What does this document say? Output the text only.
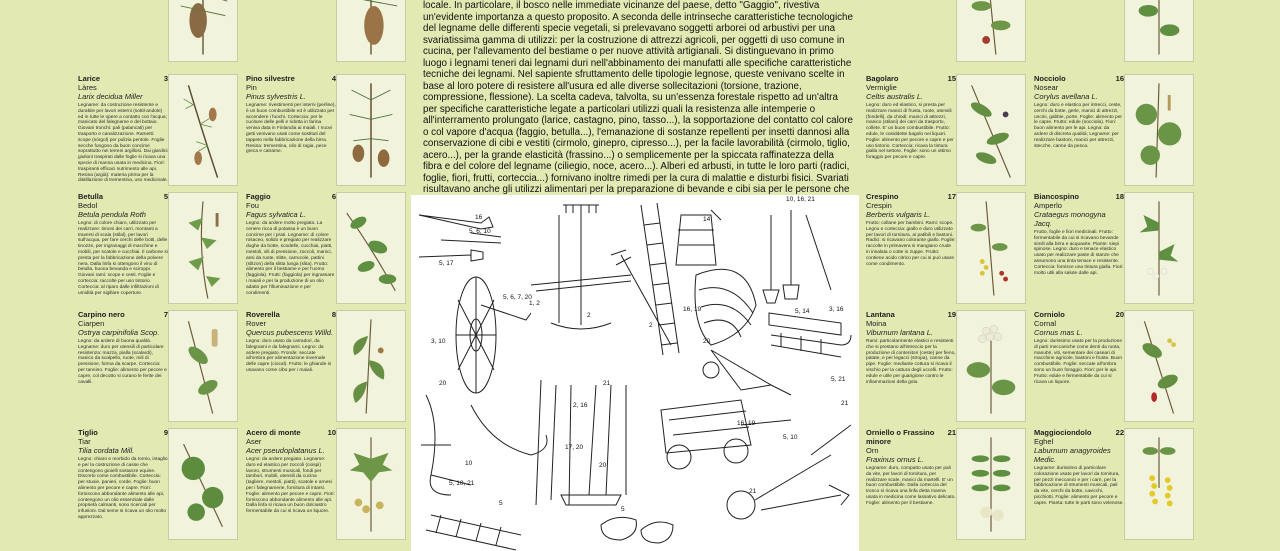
Larice	3
Làres
Larix decidua Miller
Legname: da costruzione resistente e durabile per lavori esterni (sottil-andole) ed in tutte le opere a contatto con l'acqua; manicato del falegname e del bottaio. Giovani tronchi: pali (palancati) per trasporto e canalizzazione. Rametti: scope (sòrgol) per pulizia pentole. Foglie secche fungono da buon concime soprattutto nei terreni argillosi. Dai giardini giulioni traspirati dalle foglie si ricava una specie di manna usata in medicina. Fiori: traspiranti efficaci nutrimento alle api. Resina (argià): materia prima per la distillazione di trementina, uso medicinale.
Pino silvestre	4
Pin
Pinus sylvestris L.
Legname: rivestimenti per interni (perline), è un buon combustibile ed è utilizzato per accendere i fuochi. Corteccia: per le cuciture delle pelli e ridotta in farina veniva data in Finlandia ai maiali. I nuovi getti venivano usati come sostituti del tappeto nella fabbricazione della birra. Resina: trementina, olio di ragia, pece greca e catrame.
Betulla	5
Bedol
Betula pendula Roth
Legno: di colore chiaro, utilizzato per realizzare: timoni dei carri, montanti a traversi di scala (stilal), per lavori sull'acqua, per fare cerchi delle botti, delle tinozze, per ingranaggi di macchine e mobili, per scatole e cucchiai. Il carbone si presta per la fabbricazione della polvere nera. Dalla linfa si ottengono il vino di betulla, buona bevanda e sciroppi. Giovani rami: scope e cesti. Foglie e corteccia: raccolte per uso tintorio. Corteccia: al riparo dalle infiltrazioni di umidità per sigillare coperture.
Faggio	6
Fou
Fagus sylvatica L.
Legno: da ardere molto pregiato. La cenere ricca di potassa è un buon concime per i prati. Legname: di colore rosaceo, solido e pregiato per realizzare doghe da botte, scodelle, cucchiai, piatti, mestoli, vili di pressione, zoccoli, manici, assi da ruote, slitte, carrucole, pattini (slitzon) della slitta lunga (slita). Frutto: alimento per il bestiame e per l'uomo (faggiola). Frutti: (faggiola) per ingrassare i maiali e per la produzione di un olio adatto per l'illuminazione e per condimenti.
Carpino nero	7
Ciarpen
Ostrya carpinifolia Scop.
Legno: da ardere di buona qualità. Legname: duro per utensili di particolare resistenza: mazza, pialla (scalardi), manico da scalpello, ruote, mili di pressione, forma da scarpe. Corteccia: per tannino. Foglie: alimento per pecore e capre, col decotto si curano le ferite dei cavalli.
Roverella	8
Rover
Quercus pubescens Willd.
Legno: duro usato da carradori, da falegnami e da falegnami. Legno: da ardere pregiato. Fronde: seccate all'ombra per alimentazione invernale delle capre (ciocal). Frutto: le ghiande si usavano come cibo per i maiali.
Tiglio	9
Tiar
Tilia cordata Mill.
Legno: chiaro e morbido da tornio, intaglio e per la costruzione di casse che contengono gioielli sostanze equine. Discreto come combustibile. Corteccia: per stuoie, panieri, corde. Foglie: buon alimento per pecore e capre. Fiori: forniscono abbondante alimento alle api, contengono un olio essenziale dalle proprietà calmanti, sono ricercati per infusioni. Dal seme si ricava un olio molto apprezzato.
Acero di monte	10
Aser
Acer pseudoplatanus L.
Legno: da ardere pregiato. Legname: duro ed elastico per zoccoli (ciospi) lavoro, strumenti musicali, fondi per tamburi, mobili, utensili da cucina (tagliere, mestoli, piatti), scatole e arnesi per i falegnamerie, fornitura di intarsi. Foglie: alimento per pecore e capre. Fiori: forniscono abbondante alimento alle api. Dalla linfa si ricava un buon dolciastro fermentabile da cui si ricava un liquore.
locale. In particolare, il bosco nelle immediate vicinanze del paese, detto "Gaggio", rivestiva un'evidente importanza a questo proposito. A seconda delle intrinseche caratteristiche tecnologiche del legname delle differenti specie vegetali, si prelevavano soggetti arborei od arbustivi per una svariatissima gamma di utilizzi: per la costruzione di attrezzi agricoli, per oggetti di uso comune in cucina, per l'allevamento del bestiame o per nuove attività artigianali. Si distinguevano in primo luogo i legnami teneri dai legnami duri nell'abbinamento dei manufatti alle specifiche caratteristiche tecniche dei legnami. Nel sapiente sfruttamento delle tipologie legnose, queste venivano scelte in base al loro potere di resistere all'usura ed alle diverse sollecitazioni (torsione, trazione, compressione, flessione). La scelta cadeva, talvolta, su un'essenza forestale rispetto ad un'altra per specifiche caratteristiche legate a particolari utilizzi quali la resistenza alle intemperie o all'interramento prolungato (larice, castagno, pino, tasso...), la sopportazione del contatto col calore o col vapore d'acqua (faggio, betulla...), l'emanazione di sostanze repellenti per insetti dannosi alla conservazione di cibi e vestiti (cirmolo, ginepro, cipresso...), per la facile lavorabilità (cirmolo, tiglio, acero...), per la grande elasticità (frassino...) o semplicemente per la spiccata raffinatezza della fibra e del colore del legname (ciliegio, noce, acero...). Alberi ed arbusti, in tutte le loro parti (radici, foglie, fiori, frutti, corteccia...) fornivano inoltre rimedi per la cura di malattie e disturbi fisici. Svariati risultavano anche gli utilizzi alimentari per la preparazione di bevande e cibi sia per le persone che
16
5, 6, 10
5, 17
5, 6, 7, 20
1, 2
3, 10
20
14
10, 16, 21
2
2
16, 19
20
5, 14	3, 16
5, 21
21
21
2, 16
17, 20
10	20
5, 10, 21
16, 19
5, 10
5
5
21
Bagolaro	15
Vermiglie
Celtis australis L.
Legno: duro ed elastico, si presta per realizzare manici di frusta, ruote, utensili (fondelli), da chiodi; manici di attrezzi, manico (stilani) dei carri da trasporto, collete. E' un buon combustibile. Frutto: edule, le cosiddette bagolo nei liquori. Foglie: alimento per pecore e capre e per uso tintorio. Corteccia: ricava la tintura gialla nel settore. Foglie: sono un ottimo foraggio per pecore e capre.
Nocciolo	16
Nosear
Corylus avellana L.
Legno: duro e elastico per intrecci, ceste, cerchi da botte, gerle, manici di attrezzi, uncini, gabbie, porte. Foglie: alimento per le capre. Frutto: edule (nocciola). Fiori: buon alimento per le api. Legna: da ardere di discreta qualità; Legname: per realizzare bastoni, manici per attrezzi, stecche, canne da pesca.
Crespino	17
Crespin
Berberis vulgaris L.
Frutto: collane per bambini. Rami: scope. Legno e corteccia: giallo e duro utilizzato per lavori di tornitura, ai patibili e bastoni. Radici: si ricavano colorante giallo. Foglie: raccolte in primavera si mangiano crude in insalata o cotte in zuppe. Frutto: contiene acido citrico per cui si può usare come condimento.
Biancospino	18
Amperlo
Crataegus monogyna Jacq.
Frutto, foglie e fiori medicinali. Frutto: fermentabile da cui si ricavano bevande simili alla birra e acquavite. Piante: siepi spinose. Legno: duro e tenace elastico usato per realizzare paste di stanze che assumono una tinta tenace e resistente. Corteccia: fornisce una tintura gialla. Fiori: molto utili alla salute dalle api.
Lantana	19
Moina
Viburnum lantana L.
Rami: particolarmente elastici e resistenti che si prestano all'intreccio per la produzione di contenitori (ceste) per fieno, patate, e per legacci (stropa), canne da pipe. Foglie: mediante cottura si ricava il vischio per la cattura degli uccelli. Frutto: edule e utile per guarigione contro le infiammazioni della gola.
Corniolo	20
Cornal
Cornus mas L.
Legno: durissimo usato per la produzione di parti meccaniche come denti da ruota, manubri, viti, sementare dei caseari di macchine agricole, bastoni e fruste. Buon combustibile. Foglie: seccate all'ombra sono un buon foraggio. Fiori: per le api. Frutto: edule e fermentabile da cui si ricava un liquore.
Orniello o Frassino minore
21
Orn
Fraxinus ornus L.
Legname: duro, compatto usato per pali da vite, per lavori di tornitura, per realizzare scale, manici da martelli. E' un buon combustibile. Dalla corteccia del tronco si ricava una linfa detta manna usata in medicina come lassativo delicato. Foglie: alimento per il bestiame.
Maggiociondolo	22
Eghel
Laburnum anagyroides Medic.
Legname: durissimo di particolare colorazione usato per lavori da tornitura, per pezzi meccanici e per i carri, per la fabbricazione di strumenti musicali, pali da vite, cerchi da botte, cavicchi, picchiotti. Foglie: alimento per pecore e capre. Pianta: tutte le parti sono velenose.
